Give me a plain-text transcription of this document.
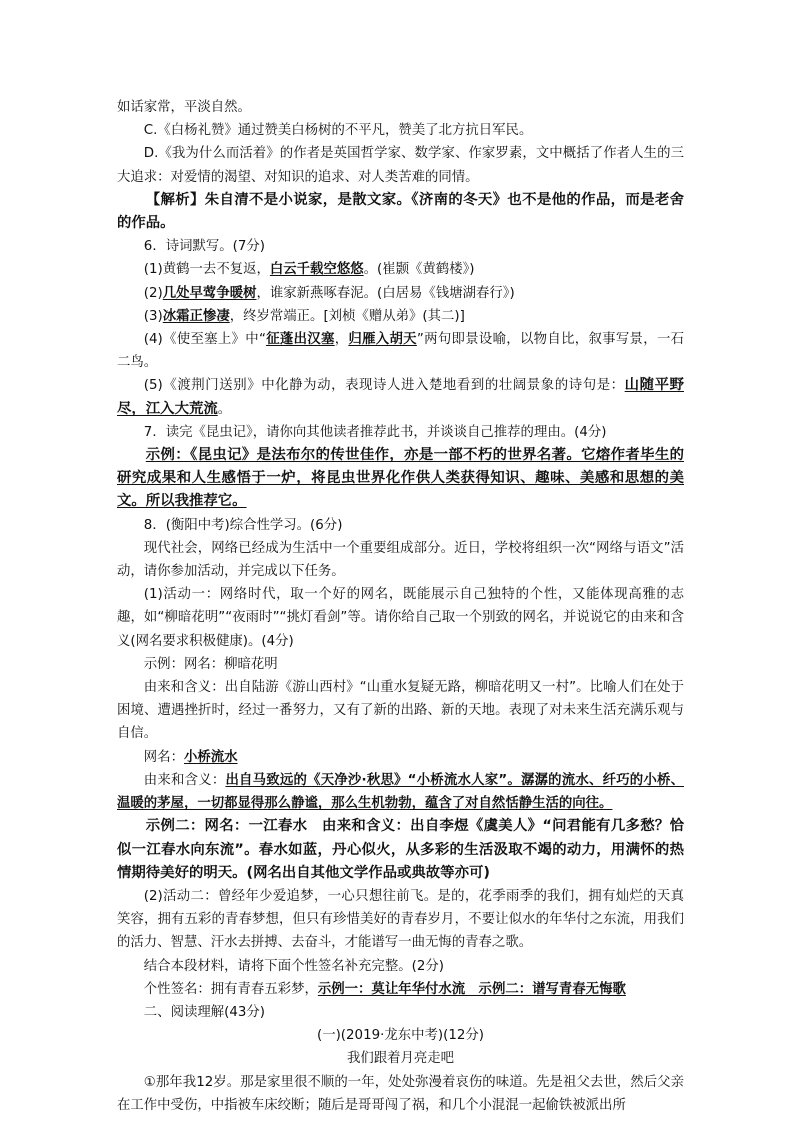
如话家常，平淡自然。

C.《白杨礼赞》通过赞美白杨树的不平凡，赞美了北方抗日军民。

D.《我为什么而活着》的作者是英国哲学家、数学家、作家罗素，文中概括了作者人生的三大追求：对爱情的渴望、对知识的追求、对人类苦难的同情。

【解析】朱自清不是小说家，是散文家。《济南的冬天》也不是他的作品，而是老舍的作品。

6．诗词默写。(7分)

(1)黄鹤一去不复返，白云千载空悠悠。(崔颢《黄鹤楼》)

(2)几处早莺争暖树，谁家新燕啄春泥。(白居易《钱塘湖春行》)

(3)冰霜正惨凄，终岁常端正。[刘桢《赠从弟》(其二)]

(4)《使至塞上》中“征蓬出汉塞，归雁入胡天”两句即景设喻，以物自比，叙事写景，一石二鸟。

(5)《渡荆门送别》中化静为动，表现诗人进入楚地看到的壮阔景象的诗句是：山随平野尽，江入大荒流。

7．读完《昆虫记》，请你向其他读者推荐此书，并谈谈自己推荐的理由。(4分)

示例：《昆虫记》是法布尔的传世佳作，亦是一部不朽的世界名著。它熔作者毕生的研究成果和人生感悟于一炉，将昆虫世界化作供人类获得知识、趣味、美感和思想的美文。所以我推荐它。

8．(衡阳中考)综合性学习。(6分)

现代社会，网络已经成为生活中一个重要组成部分。近日，学校将组织一次“网络与语文”活动，请你参加活动，并完成以下任务。

(1)活动一：网络时代，取一个好的网名，既能展示自己独特的个性，又能体现高雅的志趣，如“柳暗花明”“夜雨时”“挑灯看剑”等。请你给自己取一个别致的网名，并说说它的由来和含义(网名要求积极健康)。(4分)

示例：网名：柳暗花明

由来和含义：出自陆游《游山西村》“山重水复疑无路，柳暗花明又一村”。比喻人们在处于困境、遭遇挫折时，经过一番努力，又有了新的出路、新的天地。表现了对未来生活充满乐观与自信。

网名：小桥流水

由来和含义：出自马致远的《天净沙·秋思》“小桥流水人家”。潺潺的流水、纤巧的小桥、温暖的茅屋，一切都显得那么静谧，那么生机勃勃，蕴含了对自然恬静生活的向往。

示例二：网名：一江春水　由来和含义：出自李煜《虞美人》“问君能有几多愁？恰似一江春水向东流”。春水如蓝，丹心似火，从多彩的生活汲取不竭的动力，用满怀的热情期待美好的明天。(网名出自其他文学作品或典故等亦可)

(2)活动二：曾经年少爱追梦，一心只想往前飞。是的，花季雨季的我们，拥有灿烂的天真笑容，拥有五彩的青春梦想，但只有珍惜美好的青春岁月，不要让似水的年华付之东流，用我们的活力、智慧、汗水去拼搏、去奋斗，才能谱写一曲无悔的青春之歌。

结合本段材料，请将下面个性签名补充完整。(2分)

个性签名：拥有青春五彩梦，示例一：莫让年华付水流　示例二：谱写青春无悔歌

二、阅读理解(43分)

(一)(2019·龙东中考)(12分)

我们跟着月亮走吧

①那年我12岁。那是家里很不顺的一年，处处弥漫着哀伤的味道。先是祖父去世，然后父亲在工作中受伤，中指被车床绞断；随后是哥哥闯了祸，和几个小混混一起偷铁被派出所
